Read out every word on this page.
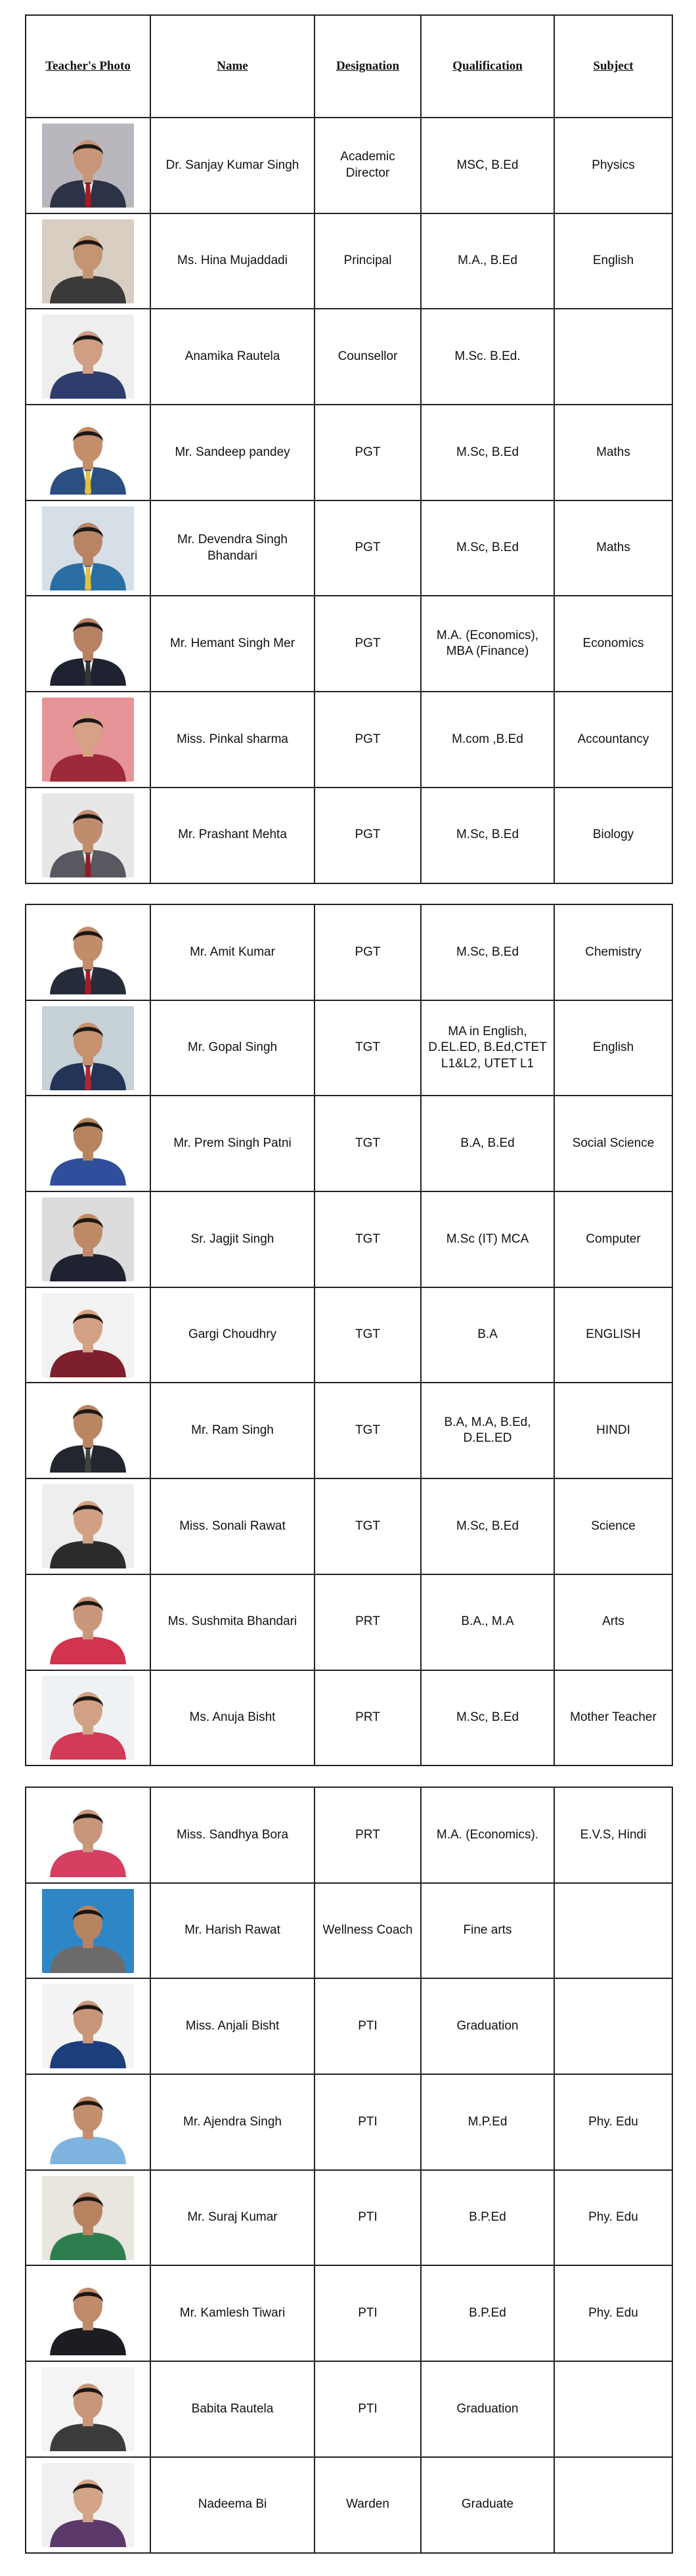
Teacher's Photo	Name	Designation	Qualification	Subject

	Dr. Sanjay Kumar Singh	Academic Director	MSC, B.Ed	Physics

	Ms. Hina Mujaddadi	Principal	M.A., B.Ed	English

	Anamika Rautela	Counsellor	M.Sc. B.Ed.	

	Mr. Sandeep pandey	PGT	M.Sc, B.Ed	Maths

	Mr. Devendra Singh Bhandari	PGT	M.Sc, B.Ed	Maths

	Mr. Hemant Singh Mer	PGT	M.A. (Economics), MBA (Finance)	Economics

	Miss. Pinkal sharma	PGT	M.com ,B.Ed	Accountancy

	Mr. Prashant Mehta	PGT	M.Sc, B.Ed	Biology
	Mr. Amit Kumar	PGT	M.Sc, B.Ed	Chemistry

	Mr. Gopal Singh	TGT	MA in English, D.EL.ED, B.Ed,CTET L1&L2, UTET L1	English

	Mr. Prem Singh Patni	TGT	B.A, B.Ed	Social Science

	Sr. Jagjit Singh	TGT	M.Sc (IT) MCA	Computer

	Gargi Choudhry	TGT	B.A	ENGLISH

	Mr. Ram Singh	TGT	B.A, M.A, B.Ed, D.EL.ED	HINDI

	Miss. Sonali Rawat	TGT	M.Sc, B.Ed	Science

	Ms. Sushmita Bhandari	PRT	B.A., M.A	Arts

	Ms. Anuja Bisht	PRT	M.Sc, B.Ed	Mother Teacher
	Miss. Sandhya Bora	PRT	M.A. (Economics).	E.V.S, Hindi

	Mr. Harish Rawat	Wellness Coach	Fine arts	

	Miss. Anjali Bisht	PTI	Graduation	

	Mr. Ajendra Singh	PTI	M.P.Ed	Phy. Edu

	Mr. Suraj Kumar	PTI	B.P.Ed	Phy. Edu

	Mr. Kamlesh Tiwari	PTI	B.P.Ed	Phy. Edu

	Babita Rautela	PTI	Graduation	

	Nadeema Bi	Warden	Graduate	
